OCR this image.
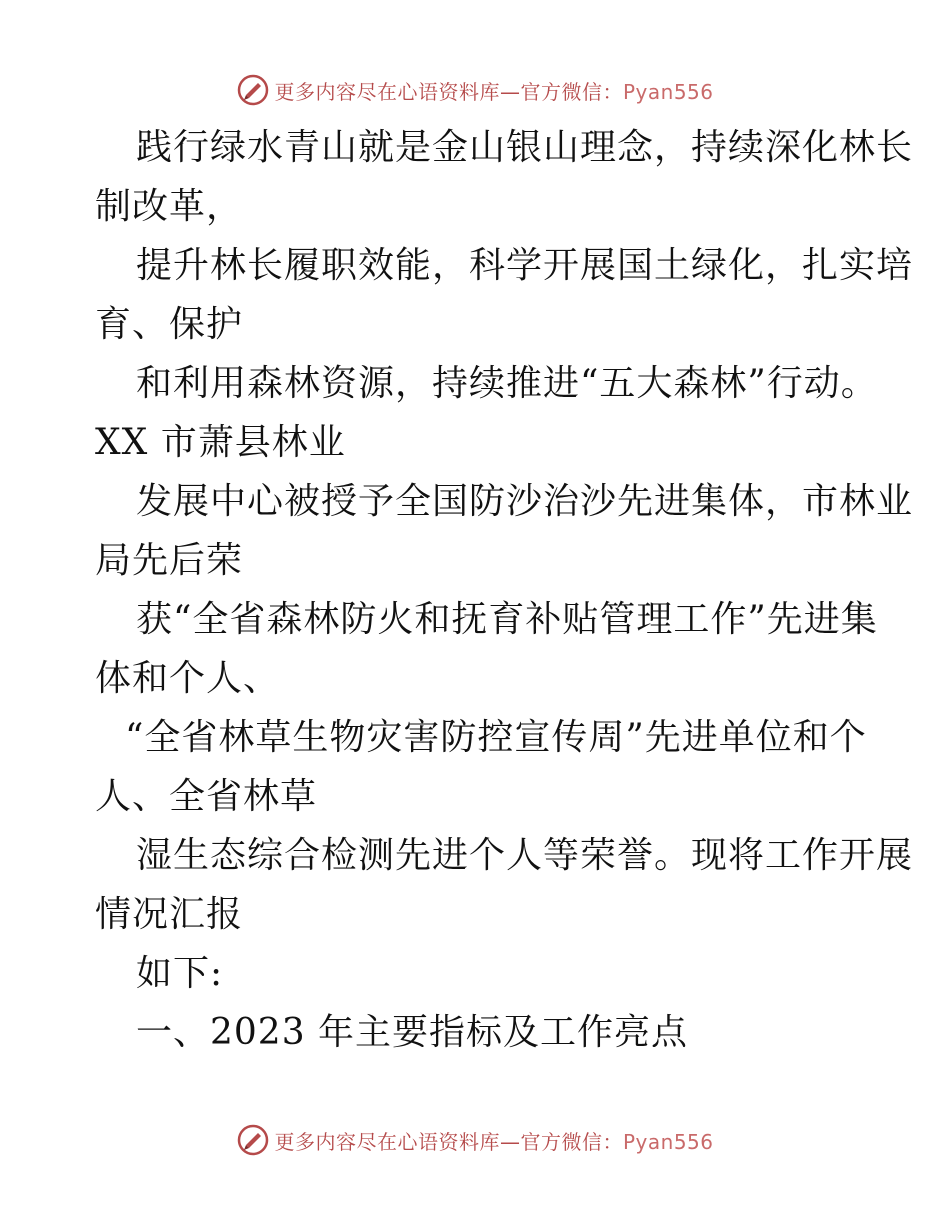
更多内容尽在心语资料库—官方微信：Pyan556

践行绿水青山就是金山银山理念，持续深化林长

制改革，

提升林长履职效能，科学开展国土绿化，扎实培

育、保护

和利用森林资源，持续推进“五大森林”行动。

XX 市萧县林业

发展中心被授予全国防沙治沙先进集体，市林业

局先后荣

获“全省森林防火和抚育补贴管理工作”先进集

体和个人、

“全省林草生物灾害防控宣传周”先进单位和个

人、全省林草

湿生态综合检测先进个人等荣誉。现将工作开展

情况汇报

如下:

一、2023 年主要指标及工作亮点

更多内容尽在心语资料库—官方微信：Pyan556
